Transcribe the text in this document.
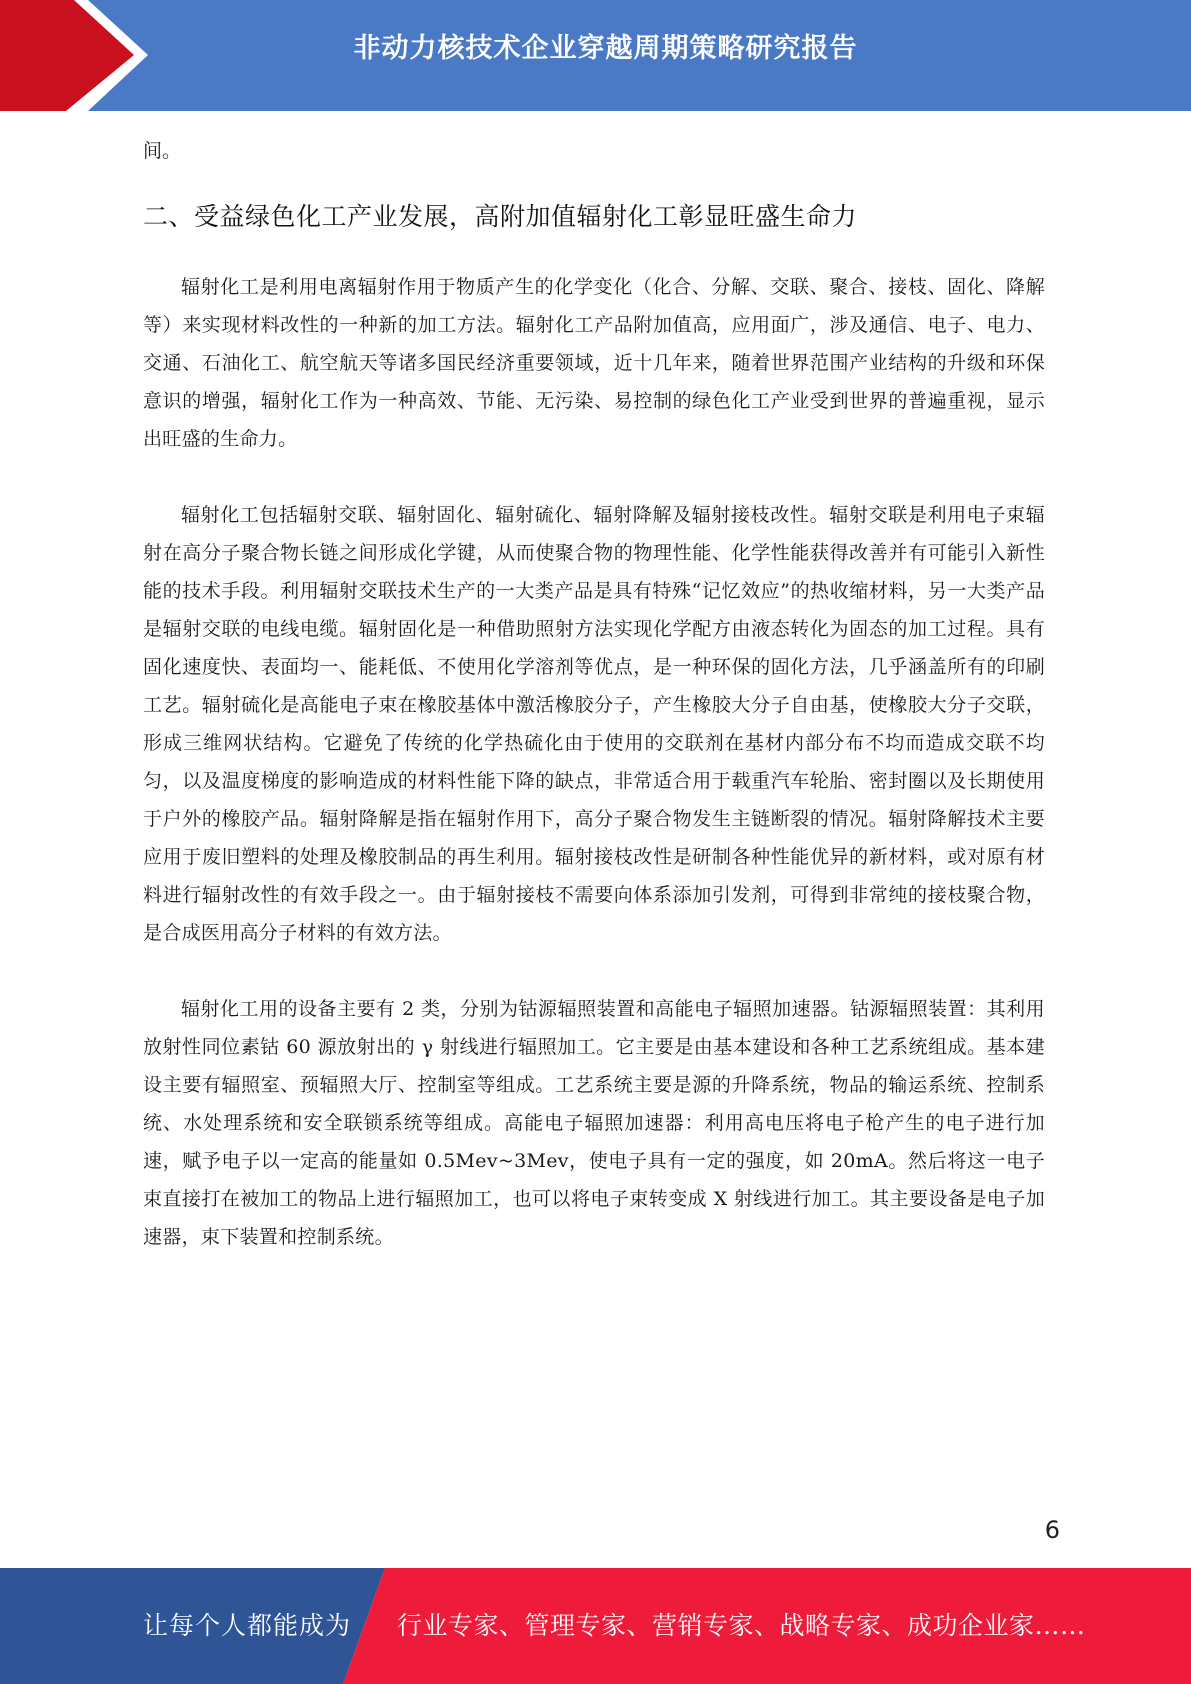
非动力核技术企业穿越周期策略研究报告

间。

二、受益绿色化工产业发展，高附加值辐射化工彰显旺盛生命力

辐射化工是利用电离辐射作用于物质产生的化学变化（化合、分解、交联、聚合、接枝、固化、降解等）来实现材料改性的一种新的加工方法。辐射化工产品附加值高，应用面广，涉及通信、电子、电力、交通、石油化工、航空航天等诸多国民经济重要领域，近十几年来，随着世界范围产业结构的升级和环保意识的增强，辐射化工作为一种高效、节能、无污染、易控制的绿色化工产业受到世界的普遍重视，显示出旺盛的生命力。

辐射化工包括辐射交联、辐射固化、辐射硫化、辐射降解及辐射接枝改性。辐射交联是利用电子束辐射在高分子聚合物长链之间形成化学键，从而使聚合物的物理性能、化学性能获得改善并有可能引入新性能的技术手段。利用辐射交联技术生产的一大类产品是具有特殊“记忆效应”的热收缩材料，另一大类产品是辐射交联的电线电缆。辐射固化是一种借助照射方法实现化学配方由液态转化为固态的加工过程。具有固化速度快、表面均一、能耗低、不使用化学溶剂等优点，是一种环保的固化方法，几乎涵盖所有的印刷工艺。辐射硫化是高能电子束在橡胶基体中激活橡胶分子，产生橡胶大分子自由基，使橡胶大分子交联，形成三维网状结构。它避免了传统的化学热硫化由于使用的交联剂在基材内部分布不均而造成交联不均匀，以及温度梯度的影响造成的材料性能下降的缺点，非常适合用于载重汽车轮胎、密封圈以及长期使用于户外的橡胶产品。辐射降解是指在辐射作用下，高分子聚合物发生主链断裂的情况。辐射降解技术主要应用于废旧塑料的处理及橡胶制品的再生利用。辐射接枝改性是研制各种性能优异的新材料，或对原有材料进行辐射改性的有效手段之一。由于辐射接枝不需要向体系添加引发剂，可得到非常纯的接枝聚合物，是合成医用高分子材料的有效方法。

辐射化工用的设备主要有 2 类，分别为钴源辐照装置和高能电子辐照加速器。钴源辐照装置：其利用放射性同位素钴 60 源放射出的 γ 射线进行辐照加工。它主要是由基本建设和各种工艺系统组成。基本建设主要有辐照室、预辐照大厅、控制室等组成。工艺系统主要是源的升降系统，物品的输运系统、控制系统、水处理系统和安全联锁系统等组成。高能电子辐照加速器：利用高电压将电子枪产生的电子进行加速，赋予电子以一定高的能量如 0.5Mev~3Mev，使电子具有一定的强度，如 20mA。然后将这一电子束直接打在被加工的物品上进行辐照加工，也可以将电子束转变成 X 射线进行加工。其主要设备是电子加速器，束下装置和控制系统。

6
让每个人都能成为 行业专家、管理专家、营销专家、战略专家、成功企业家……
